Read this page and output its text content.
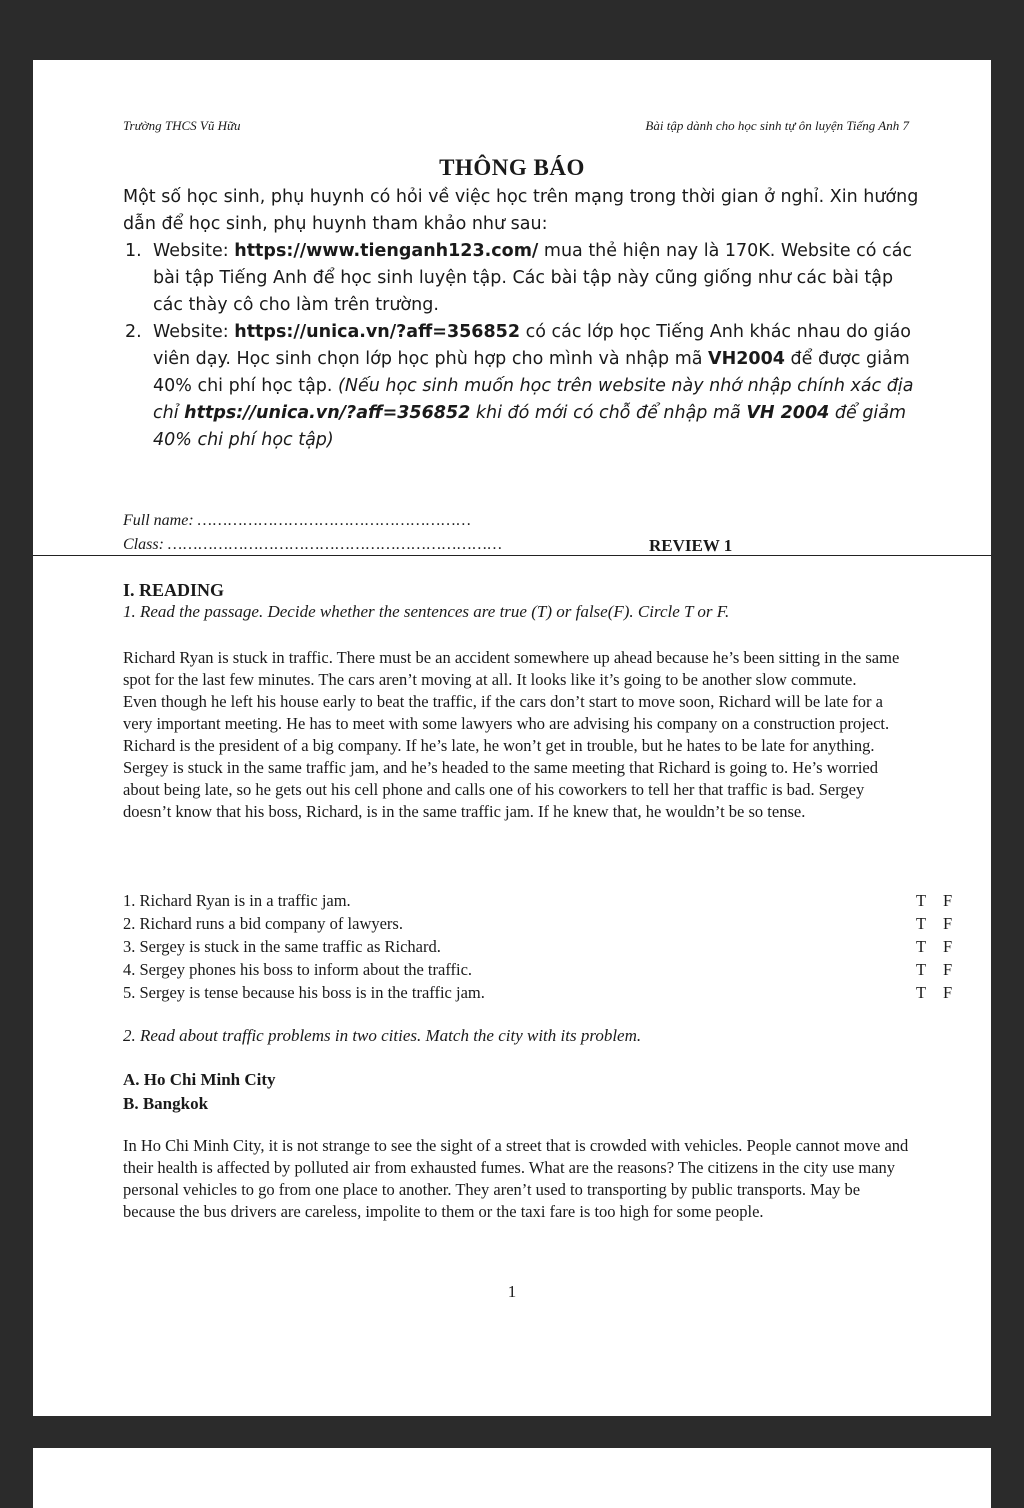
Trường THCS Vũ Hữu	Bài tập dành cho học sinh tự ôn luyện Tiếng Anh 7
THÔNG BÁO

Một số học sinh, phụ huynh có hỏi về việc học trên mạng trong thời gian ở nghỉ. Xin hướng dẫn để học sinh, phụ huynh tham khảo như sau:

1. Website: https://www.tienganh123.com/ mua thẻ hiện nay là 170K. Website có các bài tập Tiếng Anh để học sinh luyện tập. Các bài tập này cũng giống như các bài tập các thày cô cho làm trên trường.
2. Website: https://unica.vn/?aff=356852 có các lớp học Tiếng Anh khác nhau do giáo viên dạy. Học sinh chọn lớp học phù hợp cho mình và nhập mã VH2004 để được giảm 40% chi phí học tập. (Nếu học sinh muốn học trên website này nhớ nhập chính xác địa chỉ https://unica.vn/?aff=356852 khi đó mới có chỗ để nhập mã VH 2004 để giảm 40% chi phí học tập)
Full name: ………………………………………………
Class: …………………………………………………………	REVIEW 1
I. READING
1. Read the passage. Decide whether the sentences are true (T) or false(F). Circle T or F.

Richard Ryan is stuck in traffic. There must be an accident somewhere up ahead because he’s been sitting in the same spot for the last few minutes. The cars aren’t moving at all. It looks like it’s going to be another slow commute.

Even though he left his house early to beat the traffic, if the cars don’t start to move soon, Richard will be late for a very important meeting. He has to meet with some lawyers who are advising his company on a construction project. Richard is the president of a big company. If he’s late, he won’t get in trouble, but he hates to be late for anything.

Sergey is stuck in the same traffic jam, and he’s headed to the same meeting that Richard is going to. He’s worried about being late, so he gets out his cell phone and calls one of his coworkers to tell her that traffic is bad. Sergey doesn’t know that his boss, Richard, is in the same traffic jam. If he knew that, he wouldn’t be so tense.

1. Richard Ryan is in a traffic jam.	T F
2. Richard runs a bid company of lawyers.	T F
3. Sergey is stuck in the same traffic as Richard.	T F
4. Sergey phones his boss to inform about the traffic.	T F
5. Sergey is tense because his boss is in the traffic jam.	T F
2. Read about traffic problems in two cities. Match the city with its problem.
A. Ho Chi Minh City
B. Bangkok

In Ho Chi Minh City, it is not strange to see the sight of a street that is crowded with vehicles. People cannot move and their health is affected by polluted air from exhausted fumes. What are the reasons? The citizens in the city use many personal vehicles to go from one place to another. They aren’t used to transporting by public transports. May be because the bus drivers are careless, impolite to them or the taxi fare is too high for some people.

1
